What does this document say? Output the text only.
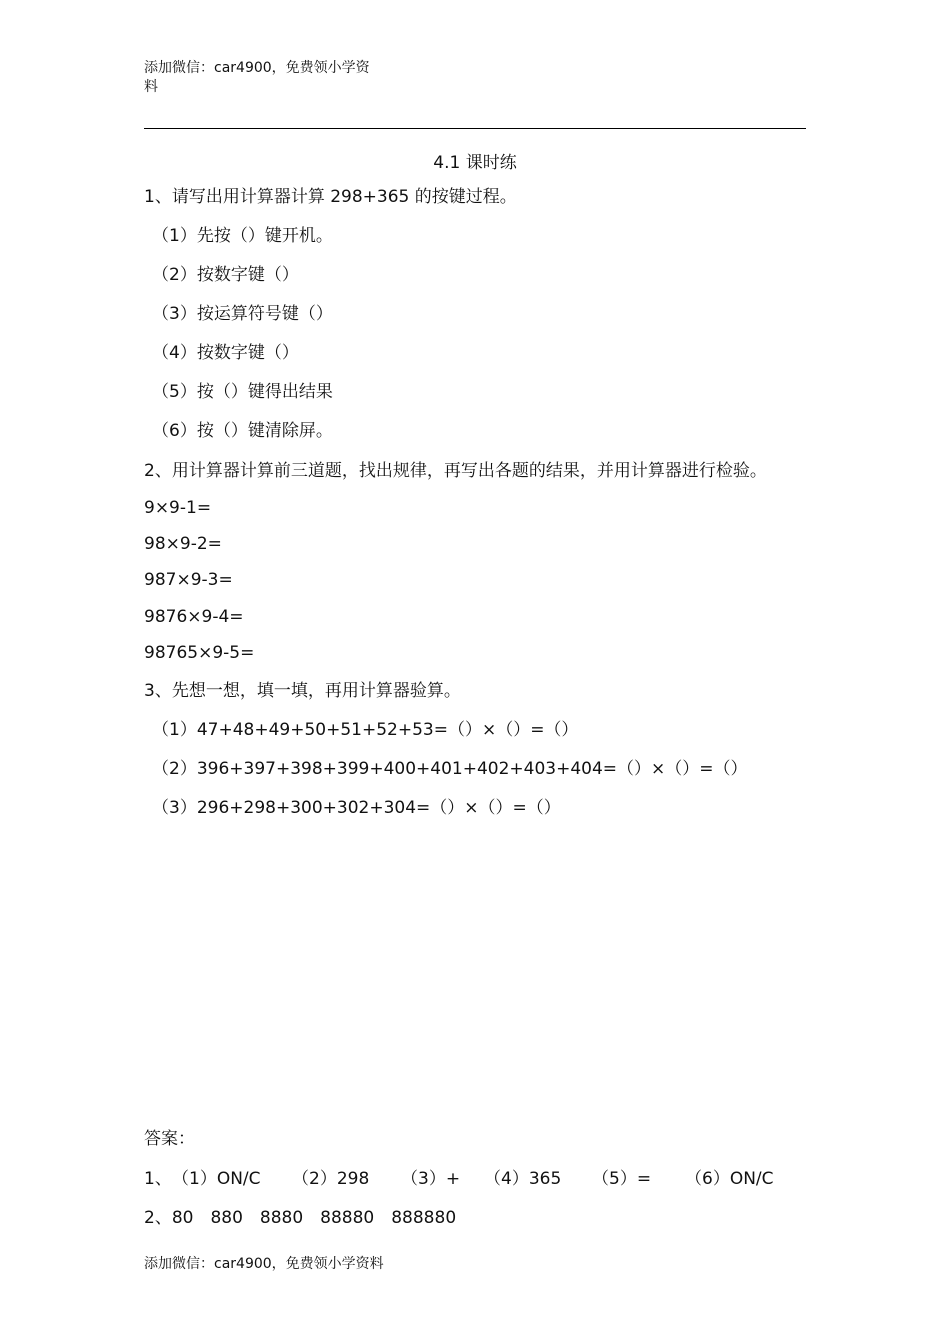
添加微信：car4900，免费领小学资
料
4.1 课时练
1、请写出用计算器计算 298+365 的按键过程。
（1）先按（）键开机。
（2）按数字键（）
（3）按运算符号键（）
（4）按数字键（）
（5）按（）键得出结果
（6）按（）键清除屏。
2、用计算器计算前三道题，找出规律，再写出各题的结果，并用计算器进行检验。
9×9-1=
98×9-2=
987×9-3=
9876×9-4=
98765×9-5=
3、先想一想，填一填，再用计算器验算。
（1）47+48+49+50+51+52+53=（）×（）=（）
（2）396+397+398+399+400+401+402+403+404=（）×（）=（）
（3）296+298+300+302+304=（）×（）=（）
答案：
1、 （1）ON/C （2）298 （3）+ （4）365 （5）= （6）ON/C
2、80　880　8880　88880　888880
添加微信：car4900，免费领小学资料
